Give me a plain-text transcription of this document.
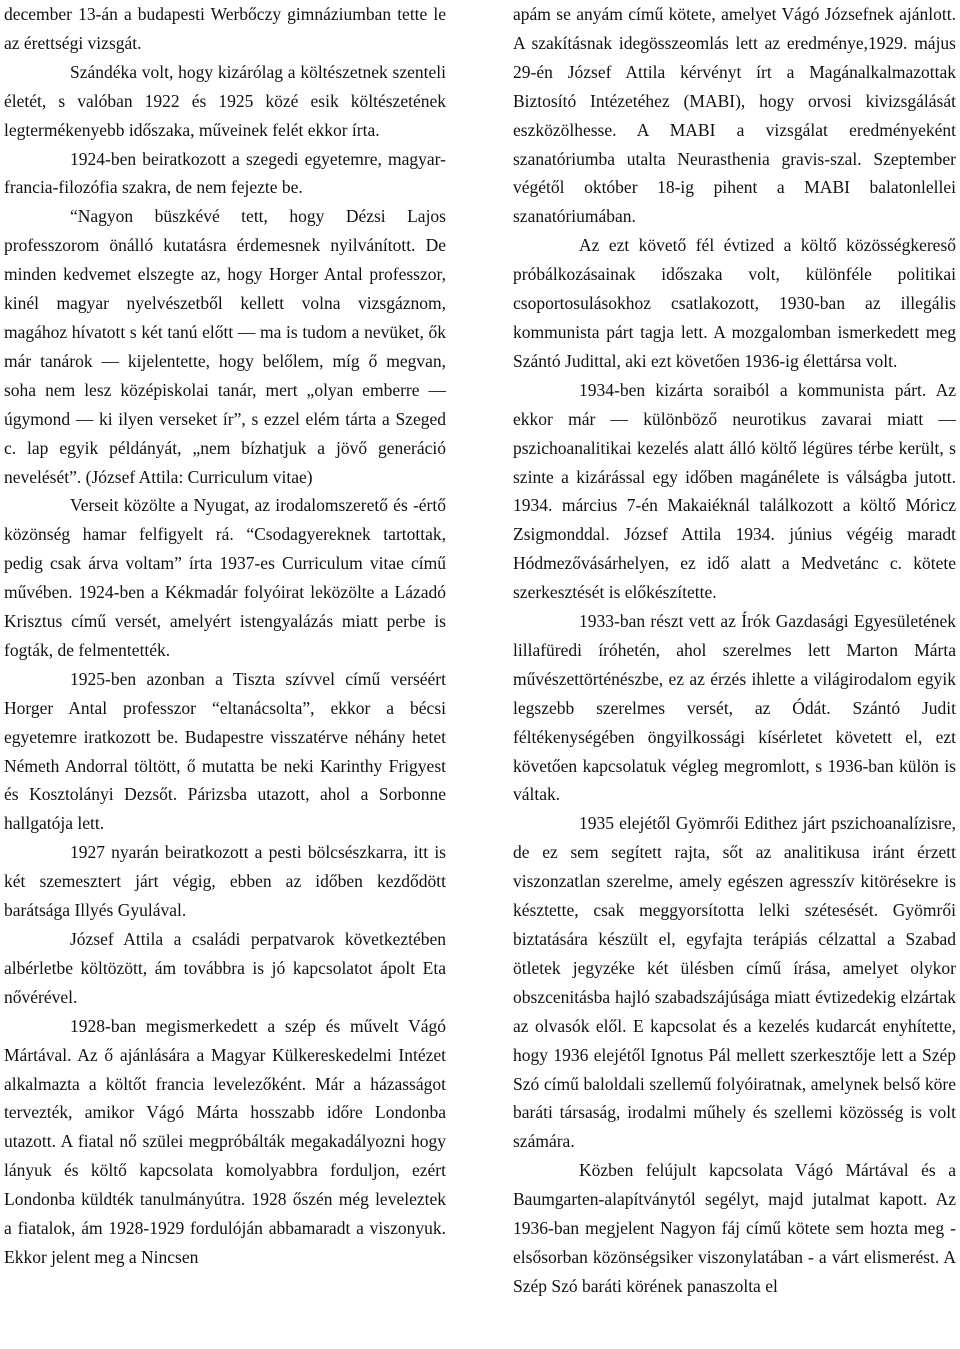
december 13-án a budapesti Werbőczy gimnáziumban tette le az érettségi vizsgát.

Szándéka volt, hogy kizárólag a költészetnek szenteli életét, s valóban 1922 és 1925 közé esik költészetének legtermékenyebb időszaka, műveinek felét ekkor írta.

1924-ben beiratkozott a szegedi egyetemre, magyar-francia-filozófia szakra, de nem fejezte be.

“Nagyon büszkévé tett, hogy Dézsi Lajos professzorom önálló kutatásra érdemesnek nyilvánított. De minden kedvemet elszegte az, hogy Horger Antal professzor, kinél magyar nyelvészetből kellett volna vizsgáznom, magához hívatott s két tanú előtt — ma is tudom a nevüket, ők már tanárok — kijelentette, hogy belőlem, míg ő megvan, soha nem lesz középiskolai tanár, mert „olyan emberre — úgymond — ki ilyen verseket ír”, s ezzel elém tárta a Szeged c. lap egyik példányát, „nem bízhatjuk a jövő generáció nevelését”. (József Attila: Curriculum vitae)

Verseit közölte a Nyugat, az irodalomszerető és -értő közönség hamar felfigyelt rá. “Csodagyereknek tartottak, pedig csak árva voltam” írta 1937-es Curriculum vitae című művében. 1924-ben a Kékmadár folyóirat leközölte a Lázadó Krisztus című versét, amelyért istengyalázás miatt perbe is fogták, de felmentették.

1925-ben azonban a Tiszta szívvel című verséért Horger Antal professzor “eltanácsolta”, ekkor a bécsi egyetemre iratkozott be. Budapestre visszatérve néhány hetet Németh Andorral töltött, ő mutatta be neki Karinthy Frigyest és Kosztolányi Dezsőt. Párizsba utazott, ahol a Sorbonne hallgatója lett.

1927 nyarán beiratkozott a pesti bölcsészkarra, itt is két szemesztert járt végig, ebben az időben kezdődött barátsága Illyés Gyulával.

József Attila a családi perpatvarok következtében albérletbe költözött, ám továbbra is jó kapcsolatot ápolt Eta nővérével.

1928-ban megismerkedett a szép és művelt Vágó Mártával. Az ő ajánlására a Magyar Külkereskedelmi Intézet alkalmazta a költőt francia levelezőként. Már a házasságot tervezték, amikor Vágó Márta hosszabb időre Londonba utazott. A fiatal nő szülei megpróbálták megakadályozni hogy lányuk és költő kapcsolata komolyabbra forduljon, ezért Londonba küldték tanulmányútra. 1928 őszén még leveleztek a fiatalok, ám 1928-1929 fordulóján abbamaradt a viszonyuk. Ekkor jelent meg a Nincsen

apám se anyám című kötete, amelyet Vágó Józsefnek ajánlott. A szakításnak idegösszeomlás lett az eredménye,1929. május 29-én József Attila kérvényt írt a Magánalkalmazottak Biztosító Intézetéhez (MABI), hogy orvosi kivizsgálását eszközölhesse. A MABI a vizsgálat eredményeként szanatóriumba utalta Neurasthenia gravis-szal. Szeptember végétől október 18-ig pihent a MABI balatonlellei szanatóriumában.

Az ezt követő fél évtized a költő közösségkereső próbálkozásainak időszaka volt, különféle politikai csoportosulásokhoz csatlakozott, 1930-ban az illegális kommunista párt tagja lett. A mozgalomban ismerkedett meg Szántó Judittal, aki ezt követően 1936-ig élettársa volt.

1934-ben kizárta soraiból a kommunista párt. Az ekkor már — különböző neurotikus zavarai miatt — pszichoanalitikai kezelés alatt álló költő légüres térbe került, s szinte a kizárással egy időben magánélete is válságba jutott. 1934. március 7-én Makaiéknál találkozott a költő Móricz Zsigmonddal. József Attila 1934. június végéig maradt Hódmezővásárhelyen, ez idő alatt a Medvetánc c. kötete szerkesztését is előkészítette.

1933-ban részt vett az Írók Gazdasági Egyesületének lillafüredi íróhetén, ahol szerelmes lett Marton Márta művészettörténészbe, ez az érzés ihlette a világirodalom egyik legszebb szerelmes versét, az Ódát. Szántó Judit féltékenységében öngyilkossági kísérletet követett el, ezt követően kapcsolatuk végleg megromlott, s 1936-ban külön is váltak.

1935 elejétől Gyömrői Edithez járt pszichoanalízisre, de ez sem segített rajta, sőt az analitikusa iránt érzett viszonzatlan szerelme, amely egészen agresszív kitörésekre is késztette, csak meggyorsította lelki szétesését. Gyömrői biztatására készült el, egyfajta terápiás célzattal a Szabad ötletek jegyzéke két ülésben című írása, amelyet olykor obszcenitásba hajló szabadszájúsága miatt évtizedekig elzártak az olvasók elől. E kapcsolat és a kezelés kudarcát enyhítette, hogy 1936 elejétől Ignotus Pál mellett szerkesztője lett a Szép Szó című baloldali szellemű folyóiratnak, amelynek belső köre baráti társaság, irodalmi műhely és szellemi közösség is volt számára.

Közben felújult kapcsolata Vágó Mártával és a Baumgarten-alapítványtól segélyt, majd jutalmat kapott. Az 1936-ban megjelent Nagyon fáj című kötete sem hozta meg - elsősorban közönségsiker viszonylatában - a várt elismerést. A Szép Szó baráti körének panaszolta el
